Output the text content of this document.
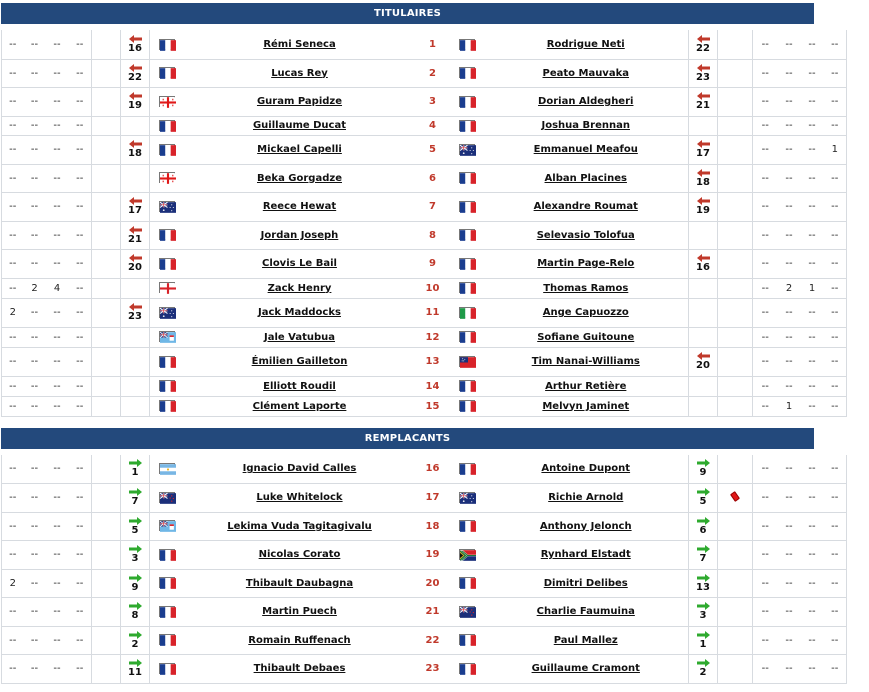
TITULAIRES
--	--	--	--		16		Rémi Seneca	1		Rodrigue Neti	22		--	--	--	--
--	--	--	--		22		Lucas Rey	2		Peato Mauvaka	23		--	--	--	--
--	--	--	--		19		Guram Papidze	3		Dorian Aldegheri	21		--	--	--	--
--	--	--	--				Guillaume Ducat	4		Joshua Brennan			--	--	--	--
--	--	--	--		18		Mickael Capelli	5		Emmanuel Meafou	17		--	--	--	1
--	--	--	--				Beka Gorgadze	6		Alban Placines	18		--	--	--	--
--	--	--	--		17		Reece Hewat	7		Alexandre Roumat	19		--	--	--	--
--	--	--	--		21		Jordan Joseph	8		Selevasio Tolofua			--	--	--	--
--	--	--	--		20		Clovis Le Bail	9		Martin Page-Relo	16		--	--	--	--
--	2	4	--				Zack Henry	10		Thomas Ramos			--	2	1	--
2	--	--	--		23		Jack Maddocks	11		Ange Capuozzo			--	--	--	--
--	--	--	--				Jale Vatubua	12		Sofiane Guitoune			--	--	--	--
--	--	--	--				Émilien Gailleton	13		Tim Nanai-Williams	20		--	--	--	--
--	--	--	--				Elliott Roudil	14		Arthur Retière			--	--	--	--
--	--	--	--				Clément Laporte	15		Melvyn Jaminet			--	1	--	--
REMPLACANTS
--	--	--	--		1		Ignacio David Calles	16		Antoine Dupont	9		--	--	--	--
--	--	--	--		7		Luke Whitelock	17		Richie Arnold	5		--	--	--	--
--	--	--	--		5		Lekima Vuda Tagitagivalu	18		Anthony Jelonch	6		--	--	--	--
--	--	--	--		3		Nicolas Corato	19		Rynhard Elstadt	7		--	--	--	--
2	--	--	--		9		Thibault Daubagna	20		Dimitri Delibes	13		--	--	--	--
--	--	--	--		8		Martin Puech	21		Charlie Faumuina	3		--	--	--	--
--	--	--	--		2		Romain Ruffenach	22		Paul Mallez	1		--	--	--	--
--	--	--	--		11		Thibault Debaes	23		Guillaume Cramont	2		--	--	--	--
